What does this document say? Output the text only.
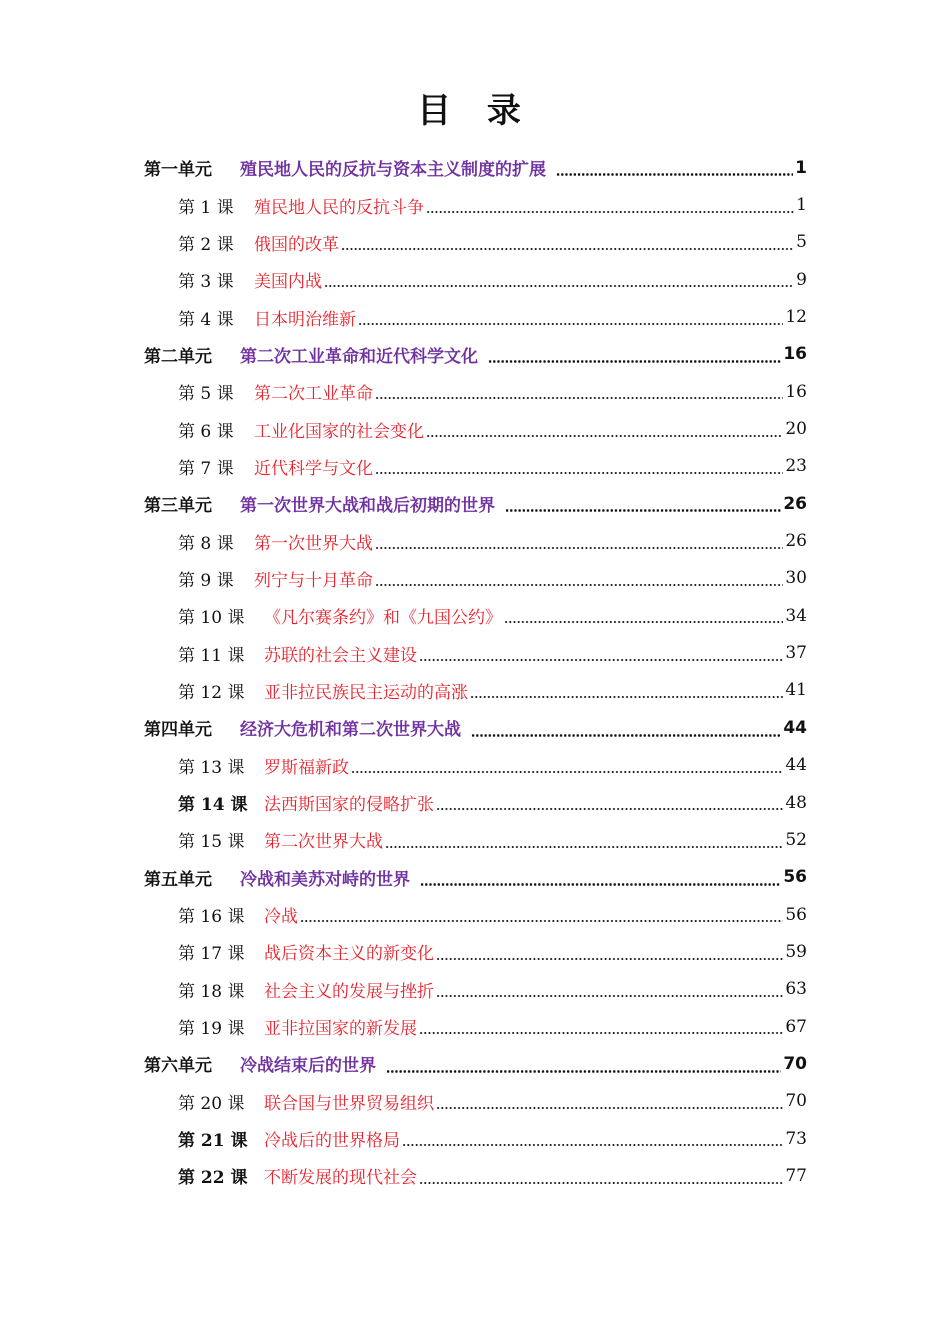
目 录
第一单元	殖民地人民的反抗与资本主义制度的扩展	1
第 1 课	殖民地人民的反抗斗争	1
第 2 课	俄国的改革	5
第 3 课	美国内战	9
第 4 课	日本明治维新	12
第二单元	第二次工业革命和近代科学文化	16
第 5 课	第二次工业革命	16
第 6 课	工业化国家的社会变化	20
第 7 课	近代科学与文化	23
第三单元	第一次世界大战和战后初期的世界	26
第 8 课	第一次世界大战	26
第 9 课	列宁与十月革命	30
第 10 课	《凡尔赛条约》和《九国公约》	34
第 11 课	苏联的社会主义建设	37
第 12 课	亚非拉民族民主运动的高涨	41
第四单元	经济大危机和第二次世界大战	44
第 13 课	罗斯福新政	44
第 14 课 法西斯国家的侵略扩张	48
第 15 课	第二次世界大战	52
第五单元	冷战和美苏对峙的世界	56
第 16 课	冷战	56
第 17 课	战后资本主义的新变化	59
第 18 课	社会主义的发展与挫折	63
第 19 课	亚非拉国家的新发展	67
第六单元	冷战结束后的世界	70
第 20 课	联合国与世界贸易组织	70
第 21 课 冷战后的世界格局	73
第 22 课 不断发展的现代社会	77
